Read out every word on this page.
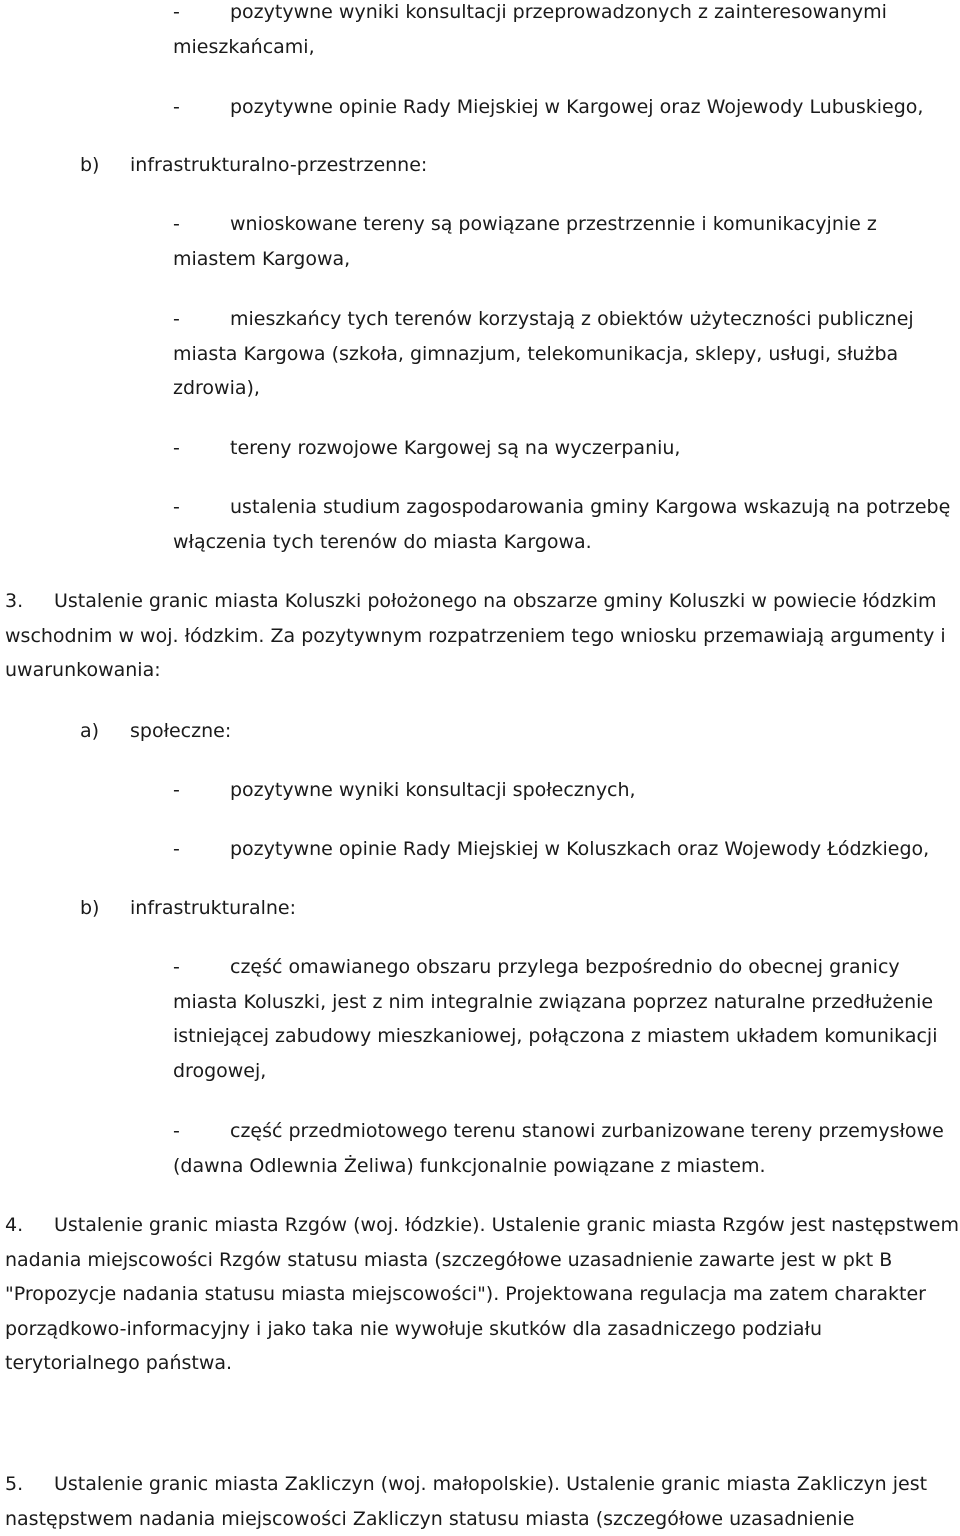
-	pozytywne wyniki konsultacji przeprowadzonych z zainteresowanymi mieszkańcami,

-	pozytywne opinie Rady Miejskiej w Kargowej oraz Wojewody Lubuskiego,

b) infrastrukturalno-przestrzenne:

-	wnioskowane tereny są powiązane przestrzennie i komunikacyjnie z miastem Kargowa,

-	mieszkańcy tych terenów korzystają z obiektów użyteczności publicznej miasta Kargowa (szkoła, gimnazjum, telekomunikacja, sklepy, usługi, służba zdrowia),

-	tereny rozwojowe Kargowej są na wyczerpaniu,

-	ustalenia studium zagospodarowania gminy Kargowa wskazują na potrzebę włączenia tych terenów do miasta Kargowa.

3. Ustalenie granic miasta Koluszki położonego na obszarze gminy Koluszki w powiecie łódzkim wschodnim w woj. łódzkim. Za pozytywnym rozpatrzeniem tego wniosku przemawiają argumenty i uwarunkowania:

a) społeczne:

-	pozytywne wyniki konsultacji społecznych,

-	pozytywne opinie Rady Miejskiej w Koluszkach oraz Wojewody Łódzkiego,

b) infrastrukturalne:

-	część omawianego obszaru przylega bezpośrednio do obecnej granicy miasta Koluszki, jest z nim integralnie związana poprzez naturalne przedłużenie istniejącej zabudowy mieszkaniowej, połączona z miastem układem komunikacji drogowej,

-	część przedmiotowego terenu stanowi zurbanizowane tereny przemysłowe (dawna Odlewnia Żeliwa) funkcjonalnie powiązane z miastem.

4. Ustalenie granic miasta Rzgów (woj. łódzkie). Ustalenie granic miasta Rzgów jest następstwem nadania miejscowości Rzgów statusu miasta (szczegółowe uzasadnienie zawarte jest w pkt B "Propozycje nadania statusu miasta miejscowości"). Projektowana regulacja ma zatem charakter porządkowo-informacyjny i jako taka nie wywołuje skutków dla zasadniczego podziału terytorialnego państwa.

5. Ustalenie granic miasta Zakliczyn (woj. małopolskie). Ustalenie granic miasta Zakliczyn jest następstwem nadania miejscowości Zakliczyn statusu miasta (szczegółowe uzasadnienie
